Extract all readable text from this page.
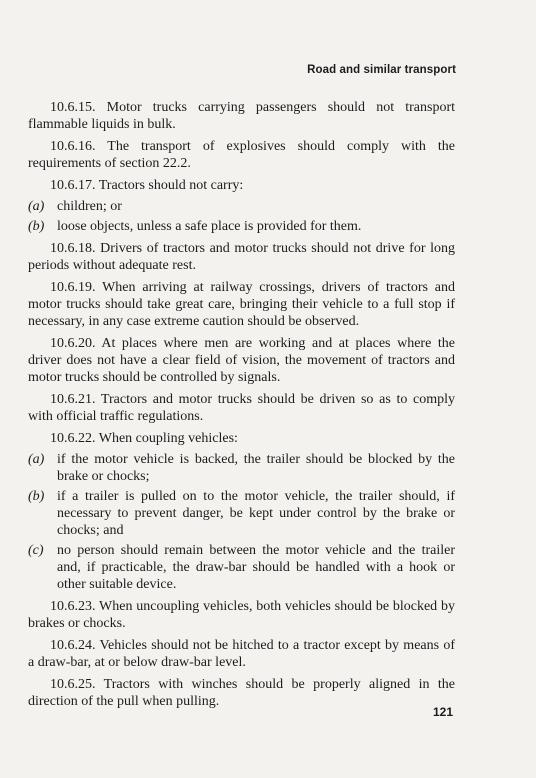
Road and similar transport

10.6.15. Motor trucks carrying passengers should not transport flammable liquids in bulk.

10.6.16. The transport of explosives should comply with the requirements of section 22.2.

10.6.17. Tractors should not carry:

(a) children; or
(b) loose objects, unless a safe place is provided for them.

10.6.18. Drivers of tractors and motor trucks should not drive for long periods without adequate rest.

10.6.19. When arriving at railway crossings, drivers of tractors and motor trucks should take great care, bringing their vehicle to a full stop if necessary, in any case extreme caution should be observed.

10.6.20. At places where men are working and at places where the driver does not have a clear field of vision, the movement of tractors and motor trucks should be controlled by signals.

10.6.21. Tractors and motor trucks should be driven so as to comply with official traffic regulations.

10.6.22. When coupling vehicles:

(a) if the motor vehicle is backed, the trailer should be blocked by the brake or chocks;
(b) if a trailer is pulled on to the motor vehicle, the trailer should, if necessary to prevent danger, be kept under control by the brake or chocks; and
(c) no person should remain between the motor vehicle and the trailer and, if practicable, the draw-bar should be handled with a hook or other suitable device.

10.6.23. When uncoupling vehicles, both vehicles should be blocked by brakes or chocks.

10.6.24. Vehicles should not be hitched to a tractor except by means of a draw-bar, at or below draw-bar level.

10.6.25. Tractors with winches should be properly aligned in the direction of the pull when pulling.

121
